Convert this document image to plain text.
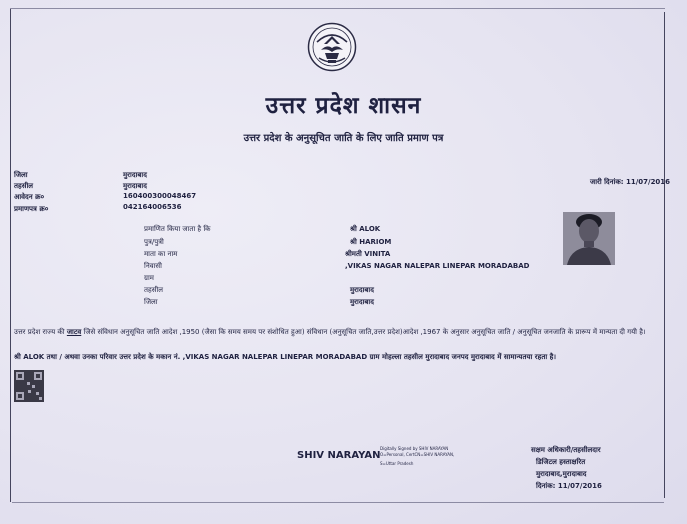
उत्तर प्रदेश शासन
उत्तर प्रदेश के अनुसूचित जाति के लिए जाति प्रमाण पत्र
जिला	मुरादाबाद
तहसील	मुरादाबाद
आवेदन क्र०	160400300048467
प्रमाणपत्र क्र०	042164006536
जारी दिनांक: 11/07/2016
प्रमाणित किया जाता है कि	श्री ALOK
पुत्र/पुत्री	श्री HARIOM
माता का नाम	श्रीमती VINITA
निवासी	,VIKAS NAGAR NALEPAR LINEPAR MORADABAD
ग्राम
तहसील	मुरादाबाद
जिला	मुरादाबाद
उत्तर प्रदेश राज्य की जाटव जिसे संविधान अनुसूचित जाति आदेश ,1950 (जैसा कि समय समय पर संशोधित हुआ) संविधान (अनुसूचित जाति,उत्तर प्रदेश)आदेश ,1967 के अनुसार अनुसूचित जाति / अनुसूचित जनजाति के प्रारूप में मान्यता दी गयी है।
श्री ALOK तथा / अथवा उनका परिवार उत्तर प्रदेश के मकान नं. ,VIKAS NAGAR NALEPAR LINEPAR MORADABAD ग्राम मोहल्ला तहसील मुरादाबाद जनपद मुरादाबाद में सामान्यतया रहता है।
SHIV NARAYAN
Digitally Signed by SHIV NARAYAN
O=Personal, CertCN=SHIV NARAYAN,
S=Uttar Pradesh
सक्षम अधिकारी/तहसीलदार
डिजिटल हस्ताक्षरित
मुरादाबाद,मुरादाबाद
दिनांक: 11/07/2016
